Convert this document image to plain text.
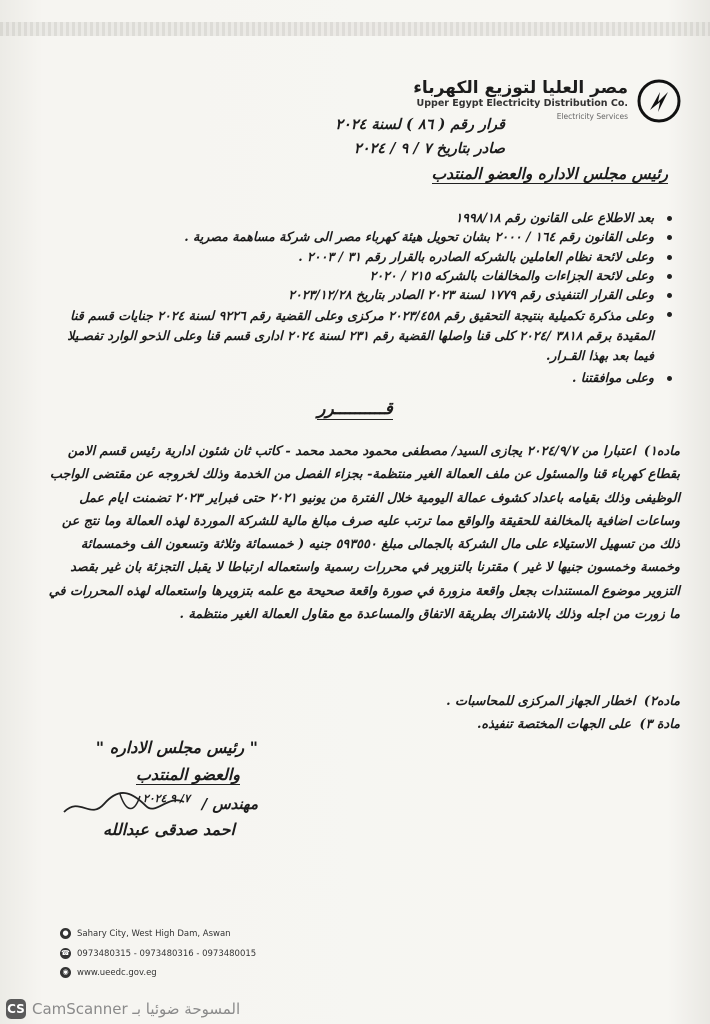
مصر العليا لتوزيع الكهرباء
Upper Egypt Electricity Distribution Co.
Electricity Services
قرار رقم ( ٨٦ ) لسنة ٢٠٢٤
صادر بتاريخ ٧ / ٩ / ٢٠٢٤
رئيس مجلس الاداره والعضو المنتدب
بعد الاطلاع على القانون رقم ١٩٩٨/١٨
وعلى القانون رقم ١٦٤ / ٢٠٠٠ بشان تحويل هيئة كهرباء مصر الى شركة مساهمة مصرية .
وعلى لائحة نظام العاملين بالشركه الصادره بالقرار رقم ٣١ / ٢٠٠٣ .
وعلى لائحة الجزاءات والمخالفات بالشركه ٢١٥ / ٢٠٢٠
وعلى القرار التنفيذى رقم ١٧٧٩ لسنة ٢٠٢٣ الصادر بتاريخ ٢٠٢٣/١٢/٢٨
وعلى مذكرة تكميلية بنتيجة التحقيق رقم ٢٠٢٣/٤٥٨ مركزى وعلى القضية رقم ٩٢٢٦ لسنة ٢٠٢٤ جنايات قسم قنا المقيدة برقم ٣٨١٨ /٢٠٢٤ كلى قنا واصلها القضية رقم ٢٣١ لسنة ٢٠٢٤ ادارى قسم قنا وعلى الذحو الوارد تفصـيلا فيما بعد بهذا القـرار.
وعلى موافقتنا .
قــــــــــرر
ماده١) اعتبارا من ٢٠٢٤/٩/٧ يجازى السيد/ مصطفى محمود محمد محمد - كاتب ثان شئون ادارية رئيس قسم الامن بقطاع كهرباء قنا والمسئول عن ملف العمالة الغير منتظمة- بجزاء الفصل من الخدمة وذلك لخروجه عن مقتضى الواجب الوظيفى وذلك بقيامه باعداد كشوف عمالة اليومية خلال الفترة من يونيو ٢٠٢١ حتى فبراير ٢٠٢٣ تضمنت ايام عمل وساعات اضافية بالمخالفة للحقيقة والواقع مما ترتب عليه صرف مبالغ مالية للشركة الموردة لهذه العمالة وما نتج عن ذلك من تسهيل الاستيلاء على مال الشركة بالجمالى مبلغ ٥٩٣٥٥٠ جنيه ( خمسمائة وثلاثة وتسعون الف وخمسمائة وخمسة وخمسون جنيها لا غير ) مقترنا بالتزوير في محررات رسمية واستعماله ارتباطا لا يقبل التجزئة بان غير بقصد التزوير موضوع المستندات بجعل واقعة مزورة في صورة واقعة صحيحة مع علمه بتزويرها واستعماله لهذه المحررات في ما زورت من اجله وذلك بالاشتراك بطريقة الاتفاق والمساعدة مع مقاول العمالة الغير منتظمة .
ماده٢) اخطار الجهاز المركزى للمحاسبات .
مادة ٣) على الجهات المختصة تنفيذه.
" رئيس مجلس الاداره "
والعضو المنتدب
مهندس /
٧/ ٩ ٢٠٢٤
احمد صدقى عبدالله
● Sahary City, West High Dam, Aswan
☎ 0973480315 - 0973480316 - 0973480015
◉ www.ueedc.gov.eg
CS CamScanner المسوحة ضوئيا بـ
